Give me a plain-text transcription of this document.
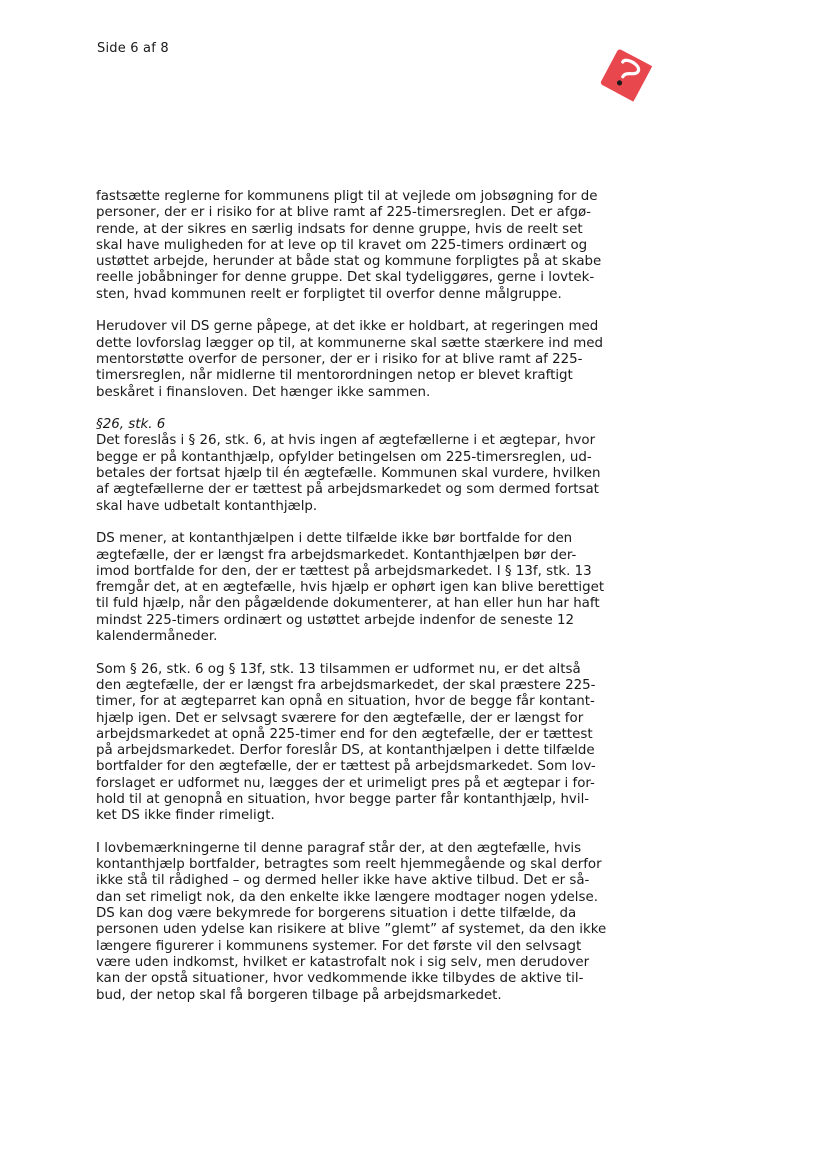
Side 6 af 8
fastsætte reglerne for kommunens pligt til at vejlede om jobsøgning for de
personer, der er i risiko for at blive ramt af 225-timersreglen. Det er afgø-
rende, at der sikres en særlig indsats for denne gruppe, hvis de reelt set
skal have muligheden for at leve op til kravet om 225-timers ordinært og
ustøttet arbejde, herunder at både stat og kommune forpligtes på at skabe
reelle jobåbninger for denne gruppe. Det skal tydeliggøres, gerne i lovtek-
sten, hvad kommunen reelt er forpligtet til overfor denne målgruppe.
Herudover vil DS gerne påpege, at det ikke er holdbart, at regeringen med
dette lovforslag lægger op til, at kommunerne skal sætte stærkere ind med
mentorstøtte overfor de personer, der er i risiko for at blive ramt af 225-
timersreglen, når midlerne til mentorordningen netop er blevet kraftigt
beskåret i finansloven. Det hænger ikke sammen.
§26, stk. 6
Det foreslås i § 26, stk. 6, at hvis ingen af ægtefællerne i et ægtepar, hvor
begge er på kontanthjælp, opfylder betingelsen om 225-timersreglen, ud-
betales der fortsat hjælp til én ægtefælle. Kommunen skal vurdere, hvilken
af ægtefællerne der er tættest på arbejdsmarkedet og som dermed fortsat
skal have udbetalt kontanthjælp.
DS mener, at kontanthjælpen i dette tilfælde ikke bør bortfalde for den
ægtefælle, der er længst fra arbejdsmarkedet. Kontanthjælpen bør der-
imod bortfalde for den, der er tættest på arbejdsmarkedet. I § 13f, stk. 13
fremgår det, at en ægtefælle, hvis hjælp er ophørt igen kan blive berettiget
til fuld hjælp, når den pågældende dokumenterer, at han eller hun har haft
mindst 225-timers ordinært og ustøttet arbejde indenfor de seneste 12
kalendermåneder.
Som § 26, stk. 6 og § 13f, stk. 13 tilsammen er udformet nu, er det altså
den ægtefælle, der er længst fra arbejdsmarkedet, der skal præstere 225-
timer, for at ægteparret kan opnå en situation, hvor de begge får kontant-
hjælp igen. Det er selvsagt sværere for den ægtefælle, der er længst for
arbejdsmarkedet at opnå 225-timer end for den ægtefælle, der er tættest
på arbejdsmarkedet. Derfor foreslår DS, at kontanthjælpen i dette tilfælde
bortfalder for den ægtefælle, der er tættest på arbejdsmarkedet. Som lov-
forslaget er udformet nu, lægges der et urimeligt pres på et ægtepar i for-
hold til at genopnå en situation, hvor begge parter får kontanthjælp, hvil-
ket DS ikke finder rimeligt.
I lovbemærkningerne til denne paragraf står der, at den ægtefælle, hvis
kontanthjælp bortfalder, betragtes som reelt hjemmegående og skal derfor
ikke stå til rådighed – og dermed heller ikke have aktive tilbud. Det er så-
dan set rimeligt nok, da den enkelte ikke længere modtager nogen ydelse.
DS kan dog være bekymrede for borgerens situation i dette tilfælde, da
personen uden ydelse kan risikere at blive ”glemt” af systemet, da den ikke
længere figurerer i kommunens systemer. For det første vil den selvsagt
være uden indkomst, hvilket er katastrofalt nok i sig selv, men derudover
kan der opstå situationer, hvor vedkommende ikke tilbydes de aktive til-
bud, der netop skal få borgeren tilbage på arbejdsmarkedet.
